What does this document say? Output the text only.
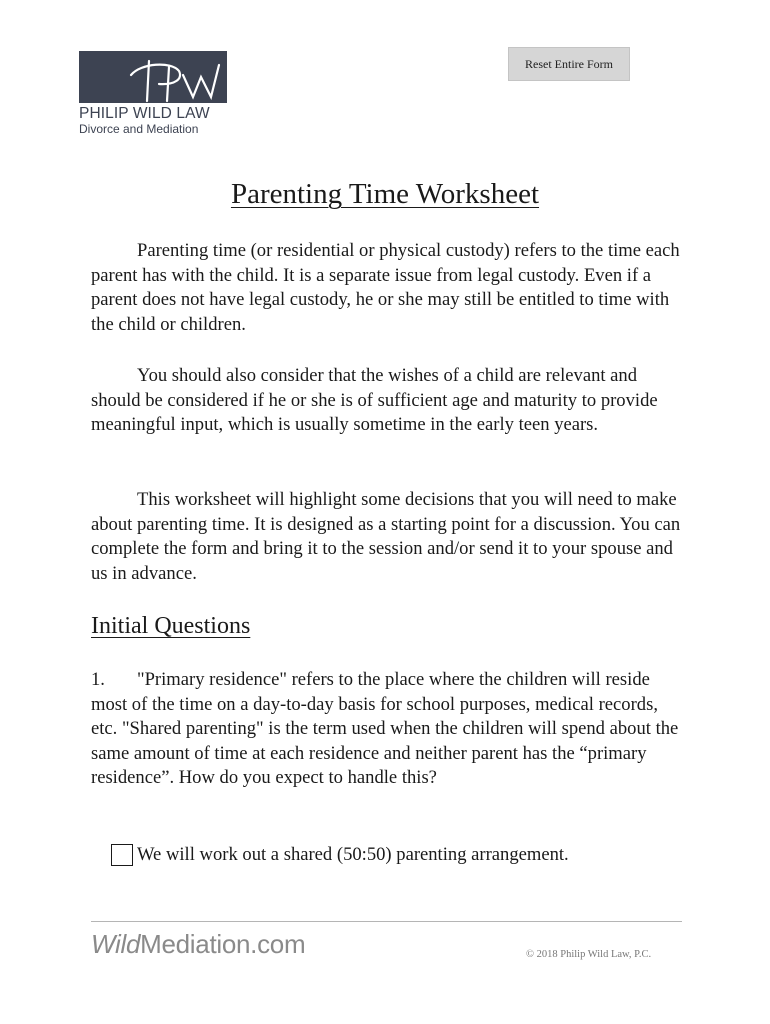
Reset Entire Form
PHILIP WILD LAW
Divorce and Mediation
Parenting Time Worksheet

Parenting time (or residential or physical custody) refers to the time each parent has with the child. It is a separate issue from legal custody. Even if a parent does not have legal custody, he or she may still be entitled to time with the child or children.

You should also consider that the wishes of a child are relevant and should be considered if he or she is of sufficient age and maturity to provide meaningful input, which is usually sometime in the early teen years.

This worksheet will highlight some decisions that you will need to make about parenting time. It is designed as a starting point for a discussion. You can complete the form and bring it to the session and/or send it to your spouse and us in advance.

Initial Questions

1. "Primary residence" refers to the place where the children will reside most of the time on a day-to-day basis for school purposes, medical records, etc. "Shared parenting" is the term used when the children will spend about the same amount of time at each residence and neither parent has the “primary residence”. How do you expect to handle this?

We will work out a shared (50:50) parenting arrangement.
WildMediation.com	© 2018 Philip Wild Law, P.C.
